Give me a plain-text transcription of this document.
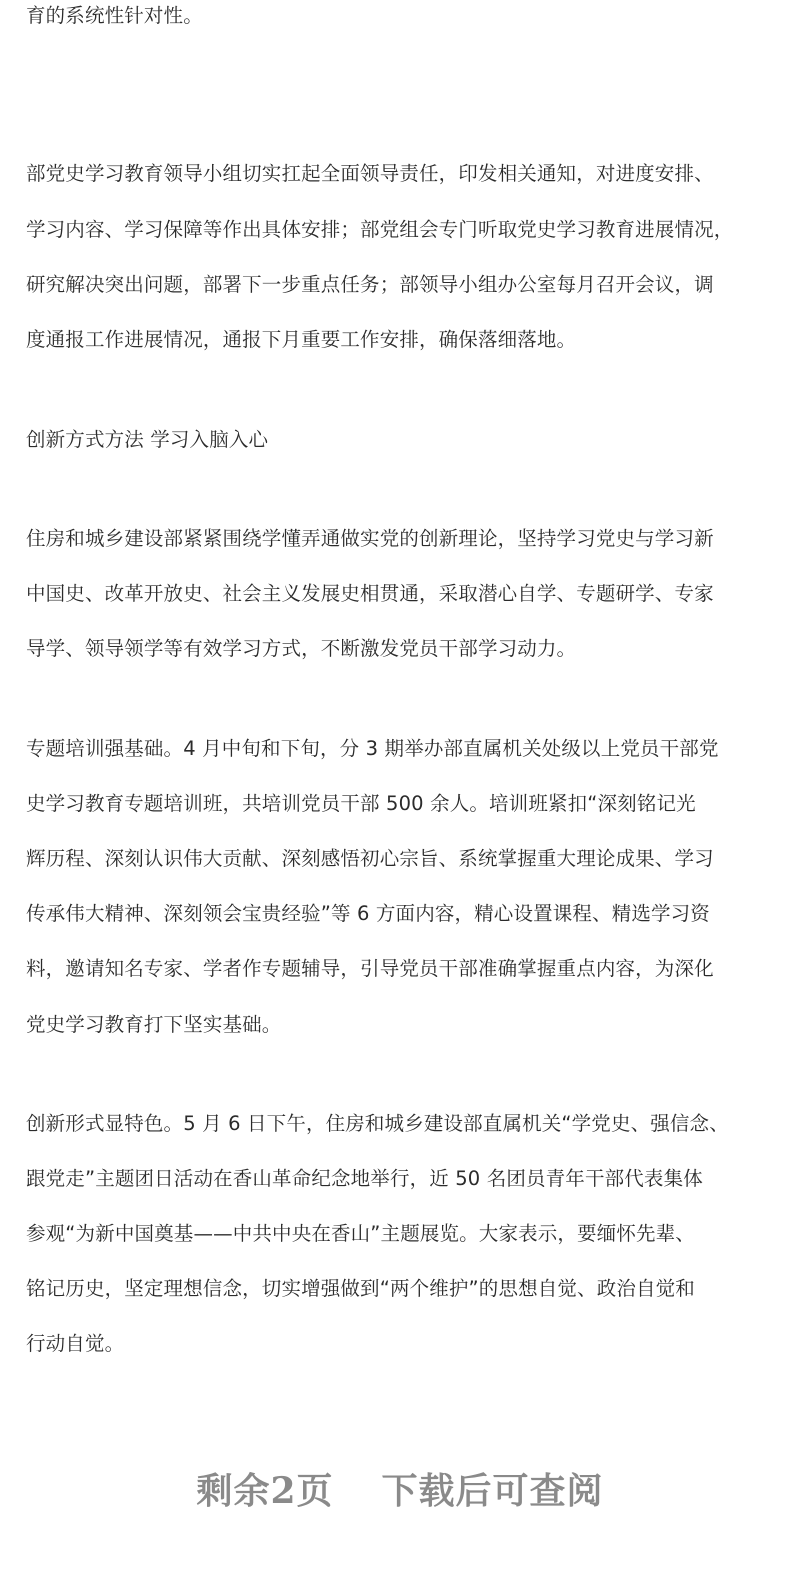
育的系统性针对性。
部党史学习教育领导小组切实扛起全面领导责任，印发相关通知，对进度安排、
学习内容、学习保障等作出具体安排；部党组会专门听取党史学习教育进展情况，
研究解决突出问题，部署下一步重点任务；部领导小组办公室每月召开会议，调
度通报工作进展情况，通报下月重要工作安排，确保落细落地。
创新方式方法 学习入脑入心
住房和城乡建设部紧紧围绕学懂弄通做实党的创新理论，坚持学习党史与学习新
中国史、改革开放史、社会主义发展史相贯通，采取潜心自学、专题研学、专家
导学、领导领学等有效学习方式，不断激发党员干部学习动力。
专题培训强基础。4 月中旬和下旬，分 3 期举办部直属机关处级以上党员干部党
史学习教育专题培训班，共培训党员干部 500 余人。培训班紧扣“深刻铭记光
辉历程、深刻认识伟大贡献、深刻感悟初心宗旨、系统掌握重大理论成果、学习
传承伟大精神、深刻领会宝贵经验”等 6 方面内容，精心设置课程、精选学习资
料，邀请知名专家、学者作专题辅导，引导党员干部准确掌握重点内容，为深化
党史学习教育打下坚实基础。
创新形式显特色。5 月 6 日下午，住房和城乡建设部直属机关“学党史、强信念、
跟党走”主题团日活动在香山革命纪念地举行，近 50 名团员青年干部代表集体
参观“为新中国奠基——中共中央在香山”主题展览。大家表示，要缅怀先辈、
铭记历史，坚定理想信念，切实增强做到“两个维护”的思想自觉、政治自觉和
行动自觉。
剩余2页 下载后可查阅
